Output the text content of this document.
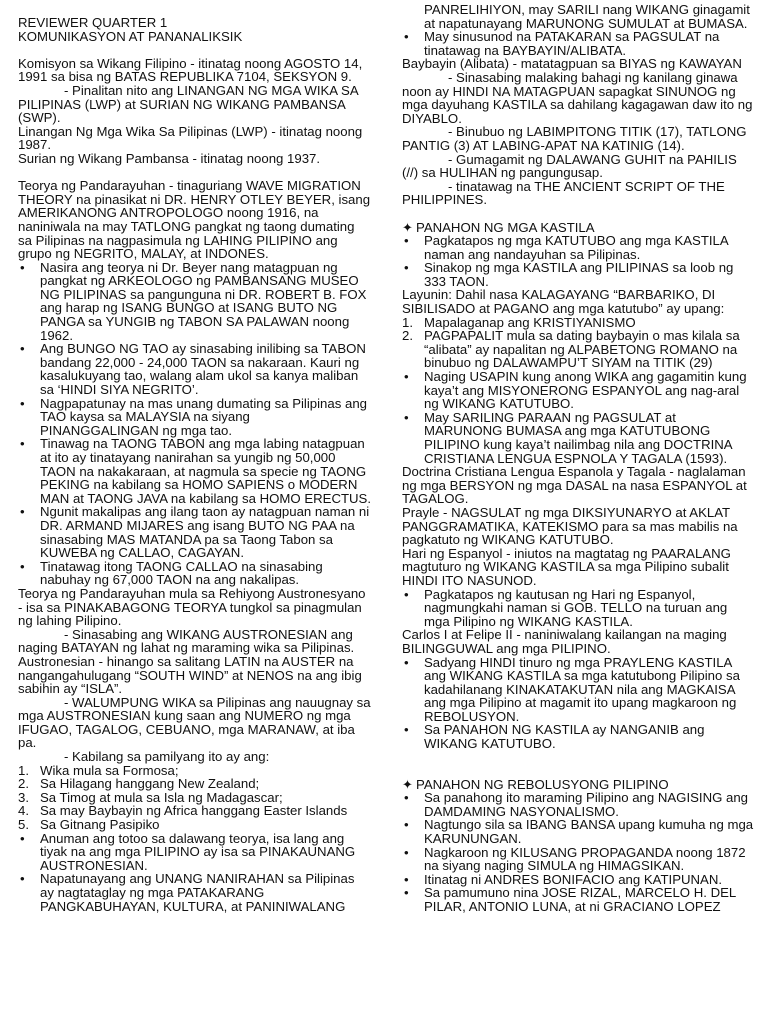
REVIEWER QUARTER 1

KOMUNIKASYON AT PANANALIKSIK

Komisyon sa Wikang Filipino - itinatag noong AGOSTO 14, 1991 sa bisa ng BATAS REPUBLIKA 7104, SEKSYON 9.

- Pinalitan nito ang LINANGAN NG MGA WIKA SA PILIPINAS (LWP) at SURIAN NG WIKANG PAMBANSA (SWP).

Linangan Ng Mga Wika Sa Pilipinas (LWP) - itinatag noong 1987.

Surian ng Wikang Pambansa - itinatag noong 1937.

Teorya ng Pandarayuhan - tinaguriang WAVE MIGRATION THEORY na pinasikat ni DR. HENRY OTLEY BEYER, isang AMERIKANONG ANTROPOLOGO noong 1916, na naniniwala na may TATLONG pangkat ng taong dumating sa Pilipinas na nagpasimula ng LAHING PILIPINO ang grupo ng NEGRITO, MALAY, at INDONES.

• Nasira ang teorya ni Dr. Beyer nang matagpuan ng pangkat ng ARKEOLOGO ng PAMBANSANG MUSEO NG PILIPINAS sa pangunguna ni DR. ROBERT B. FOX ang harap ng ISANG BUNGO at ISANG BUTO NG PANGA sa YUNGIB ng TABON SA PALAWAN noong 1962.
• Ang BUNGO NG TAO ay sinasabing inilibing sa TABON bandang 22,000 - 24,000 TAON sa nakaraan. Kauri ng kasalukuyang tao, walang alam ukol sa kanya maliban sa ‘HINDI SIYA NEGRITO’.
• Nagpapatunay na mas unang dumating sa Pilipinas ang TAO kaysa sa MALAYSIA na siyang PINANGGALINGAN ng mga tao.
• Tinawag na TAONG TABON ang mga labing natagpuan at ito ay tinatayang nanirahan sa yungib ng 50,000 TAON na nakakaraan, at nagmula sa specie ng TAONG PEKING na kabilang sa HOMO SAPIENS o MODERN MAN at TAONG JAVA na kabilang sa HOMO ERECTUS.
• Ngunit makalipas ang ilang taon ay natagpuan naman ni DR. ARMAND MIJARES ang isang BUTO NG PAA na sinasabing MAS MATANDA pa sa Taong Tabon sa KUWEBA ng CALLAO, CAGAYAN.
• Tinatawag itong TAONG CALLAO na sinasabing nabuhay ng 67,000 TAON na ang nakalipas.

Teorya ng Pandarayuhan mula sa Rehiyong Austronesyano - isa sa PINAKABAGONG TEORYA tungkol sa pinagmulan ng lahing Pilipino.

- Sinasabing ang WIKANG AUSTRONESIAN ang naging BATAYAN ng lahat ng maraming wika sa Pilipinas.

Austronesian - hinango sa salitang LATIN na AUSTER na nangangahulugang “SOUTH WIND” at NENOS na ang ibig sabihin ay “ISLA”.

- WALUMPUNG WIKA sa Pilipinas ang nauugnay sa mga AUSTRONESIAN kung saan ang NUMERO ng mga IFUGAO, TAGALOG, CEBUANO, mga MARANAW, at iba pa.

- Kabilang sa pamilyang ito ay ang:

1. Wika mula sa Formosa;
2. Sa Hilagang hanggang New Zealand;
3. Sa Timog at mula sa Isla ng Madagascar;
4. Sa may Baybayin ng Africa hanggang Easter Islands
5. Sa Gitnang Pasipiko
• Anuman ang totoo sa dalawang teorya, isa lang ang tiyak na ang mga PILIPINO ay isa sa PINAKAUNANG AUSTRONESIAN.
• Napatunayang ang UNANG NANIRAHAN sa Pilipinas ay nagtataglay ng mga PATAKARANG PANGKABUHAYAN, KULTURA, at PANINIWALANG

PANRELIHIYON, may SARILI nang WIKANG ginagamit at napatunayang MARUNONG SUMULAT at BUMASA.

• May sinusunod na PATAKARAN sa PAGSULAT na tinatawag na BAYBAYIN/ALIBATA.

Baybayin (Alibata) - matatagpuan sa BIYAS ng KAWAYAN

- Sinasabing malaking bahagi ng kanilang ginawa noon ay HINDI NA MATAGPUAN sapagkat SINUNOG ng mga dayuhang KASTILA sa dahilang kagagawan daw ito ng DIYABLO.

- Binubuo ng LABIMPITONG TITIK (17), TATLONG PANTIG (3) AT LABING-APAT NA KATINIG (14).

- Gumagamit ng DALAWANG GUHIT na PAHILIS (//) sa HULIHAN ng pangungusap.

- tinatawag na THE ANCIENT SCRIPT OF THE PHILIPPINES.

✦ PANAHON NG MGA KASTILA

• Pagkatapos ng mga KATUTUBO ang mga KASTILA naman ang nandayuhan sa Pilipinas.
• Sinakop ng mga KASTILA ang PILIPINAS sa loob ng 333 TAON.

Layunin: Dahil nasa KALAGAYANG “BARBARIKO, DI SIBILISADO at PAGANO ang mga katutubo” ay upang:

1. Mapalaganap ang KRISTIYANISMO
2. PAGPAPALIT mula sa dating baybayin o mas kilala sa “alibata” ay napalitan ng ALPABETONG ROMANO na binubuo ng DALAWAMPU’T SIYAM na TITIK (29)
• Naging USAPIN kung anong WIKA ang gagamitin kung kaya’t ang MISYONERONG ESPANYOL ang nag-aral ng WIKANG KATUTUBO.
• May SARILING PARAAN ng PAGSULAT at MARUNONG BUMASA ang mga KATUTUBONG PILIPINO kung kaya’t nailimbag nila ang DOCTRINA CRISTIANA LENGUA ESPNOLA Y TAGALA (1593).

Doctrina Cristiana Lengua Espanola y Tagala - naglalaman ng mga BERSYON ng mga DASAL na nasa ESPANYOL at TAGALOG.

Prayle - NAGSULAT ng mga DIKSIYUNARYO at AKLAT PANGGRAMATIKA, KATEKISMO para sa mas mabilis na pagkatuto ng WIKANG KATUTUBO.

Hari ng Espanyol - iniutos na magtatag ng PAARALANG magtuturo ng WIKANG KASTILA sa mga Pilipino subalit HINDI ITO NASUNOD.

• Pagkatapos ng kautusan ng Hari ng Espanyol, nagmungkahi naman si GOB. TELLO na turuan ang mga Pilipino ng WIKANG KASTILA.

Carlos I at Felipe II - naniniwalang kailangan na maging BILINGGUWAL ang mga PILIPINO.

• Sadyang HINDI tinuro ng mga PRAYLENG KASTILA ang WIKANG KASTILA sa mga katutubong Pilipino sa kadahilanang KINAKATAKUTAN nila ang MAGKAISA ang mga Pilipino at magamit ito upang magkaroon ng REBOLUSYON.
• Sa PANAHON NG KASTILA ay NANGANIB ang WIKANG KATUTUBO.

✦ PANAHON NG REBOLUSYONG PILIPINO

• Sa panahong ito maraming Pilipino ang NAGISING ang DAMDAMING NASYONALISMO.
• Nagtungo sila sa IBANG BANSA upang kumuha ng mga KARUNUNGAN.
• Nagkaroon ng KILUSANG PROPAGANDA noong 1872 na siyang naging SIMULA ng HIMAGSIKAN.
• Itinatag ni ANDRES BONIFACIO ang KATIPUNAN.
• Sa pamumuno nina JOSE RIZAL, MARCELO H. DEL PILAR, ANTONIO LUNA, at ni GRACIANO LOPEZ
